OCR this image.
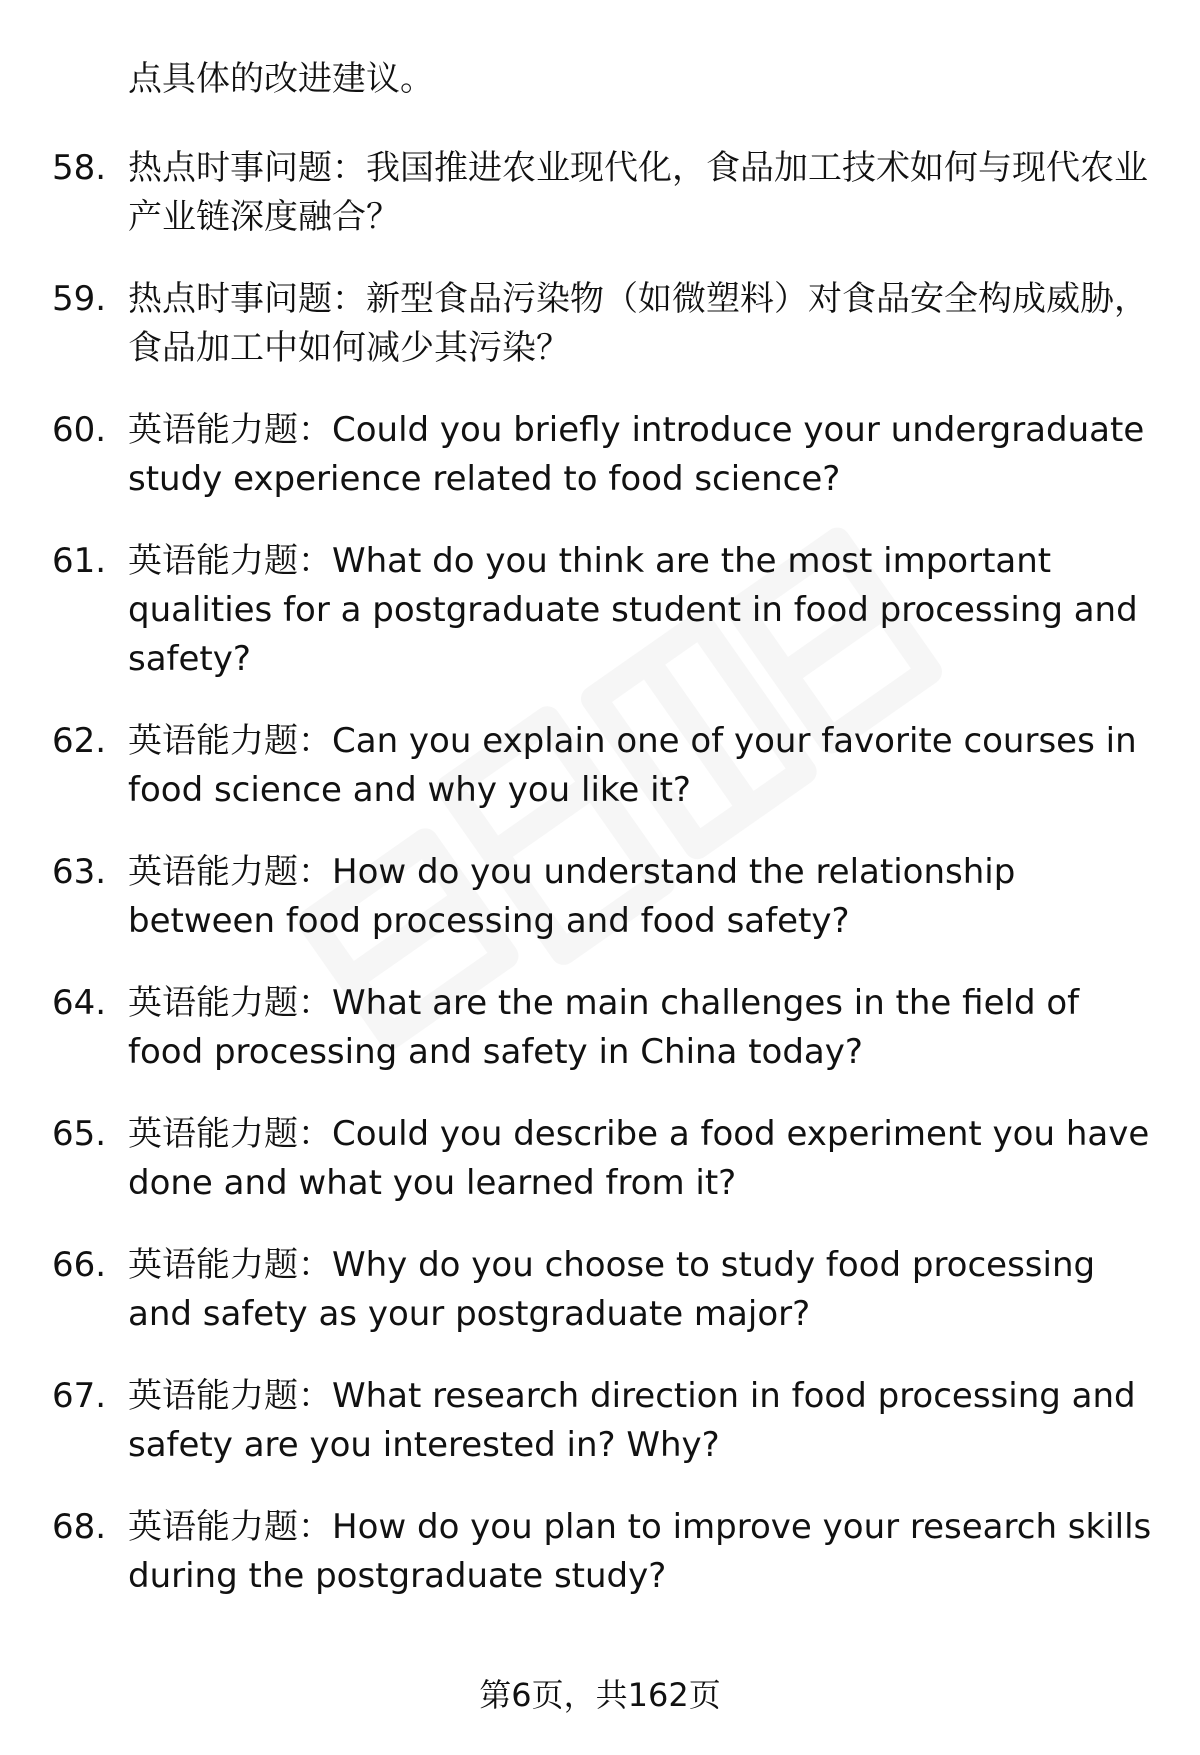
点具体的改进建议。

58. 热点时事问题：我国推进农业现代化，食品加工技术如何与现代农业产业链深度融合？
59. 热点时事问题：新型食品污染物（如微塑料）对食品安全构成威胁，食品加工中如何减少其污染？
60. 英语能力题：Could you briefly introduce your undergraduate study experience related to food science?
61. 英语能力题：What do you think are the most important qualities for a postgraduate student in food processing and safety?
62. 英语能力题：Can you explain one of your favorite courses in food science and why you like it?
63. 英语能力题：How do you understand the relationship between food processing and food safety?
64. 英语能力题：What are the main challenges in the field of food processing and safety in China today?
65. 英语能力题：Could you describe a food experiment you have done and what you learned from it?
66. 英语能力题：Why do you choose to study food processing and safety as your postgraduate major?
67. 英语能力题：What research direction in food processing and safety are you interested in? Why?
68. 英语能力题：How do you plan to improve your research skills during the postgraduate study?

第6页，共162页
